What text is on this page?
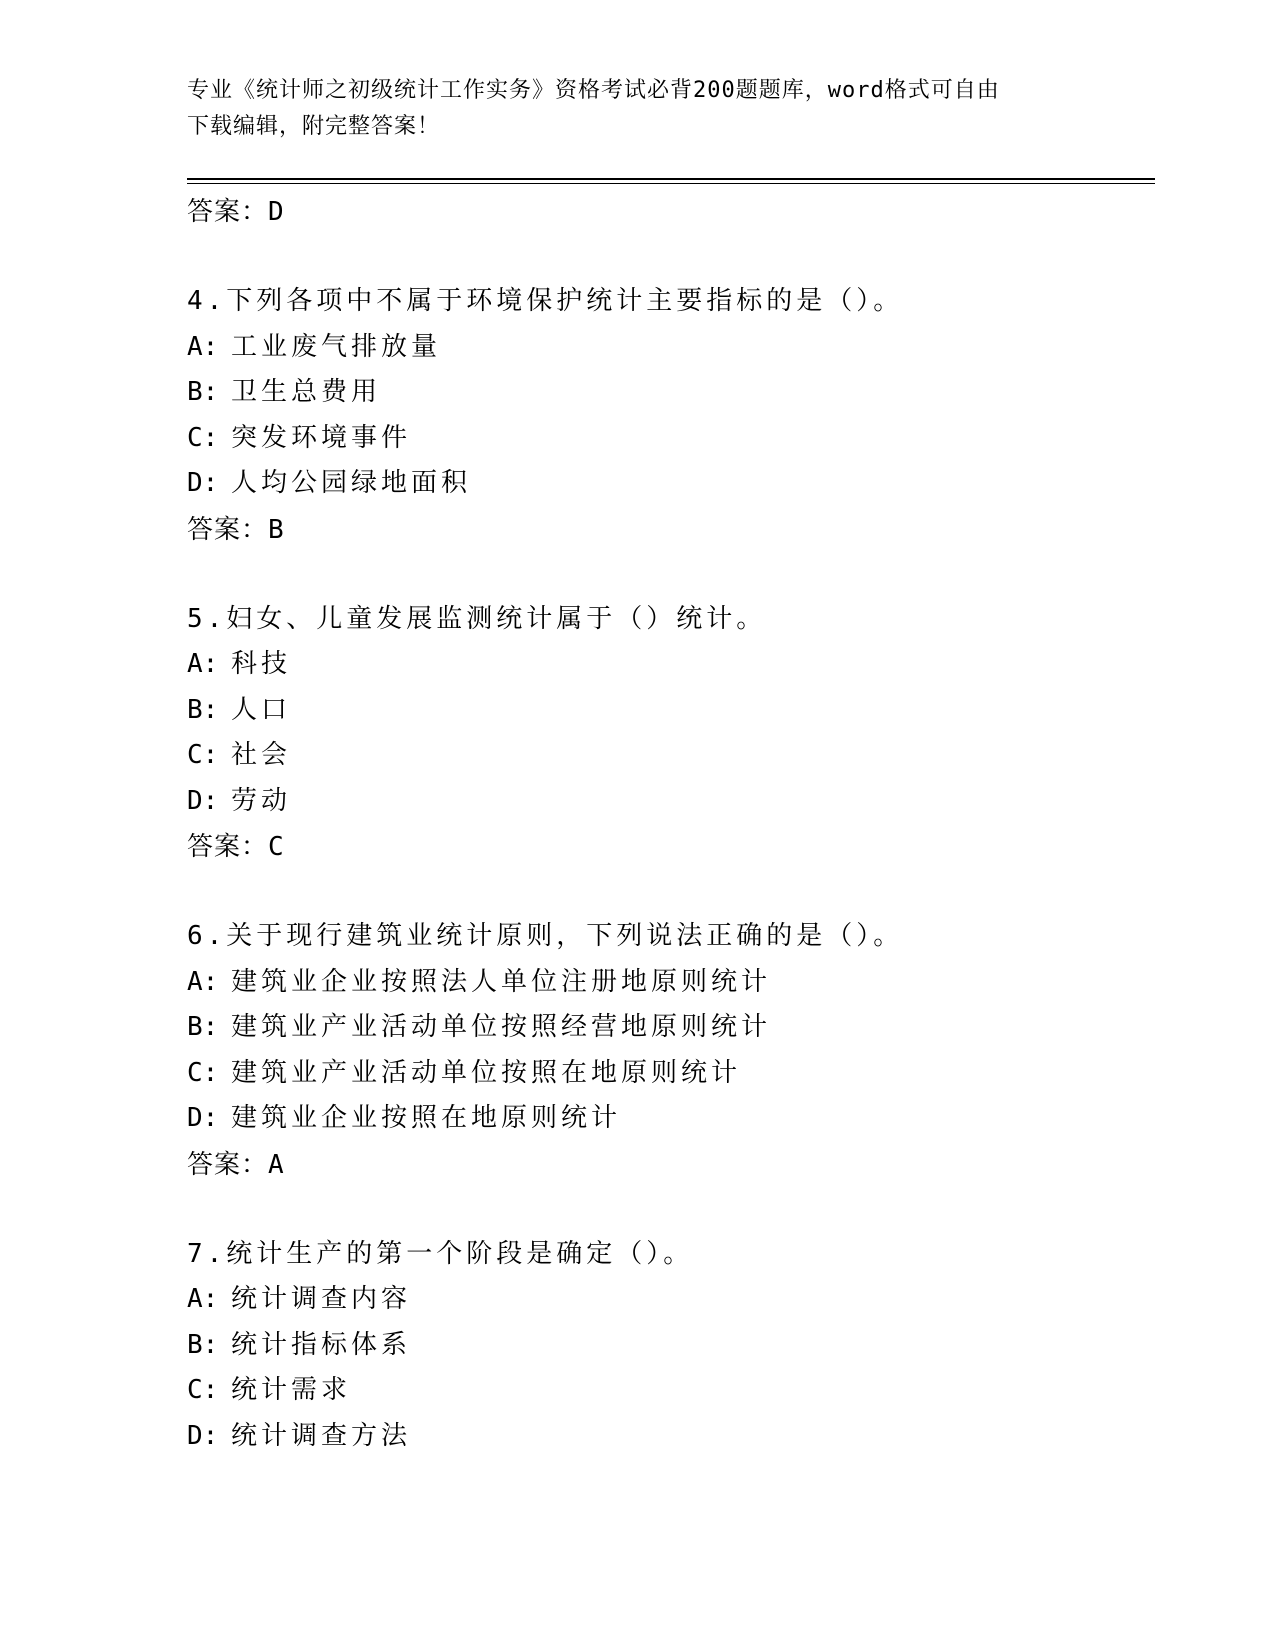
专业《统计师之初级统计工作实务》资格考试必背200题题库，word格式可自由
下载编辑，附完整答案！
答案：D
4.下列各项中不属于环境保护统计主要指标的是（）。
A: 工业废气排放量
B: 卫生总费用
C: 突发环境事件
D: 人均公园绿地面积
答案：B
5.妇女、儿童发展监测统计属于（）统计。
A: 科技
B: 人口
C: 社会
D: 劳动
答案：C
6.关于现行建筑业统计原则，下列说法正确的是（）。
A: 建筑业企业按照法人单位注册地原则统计
B: 建筑业产业活动单位按照经营地原则统计
C: 建筑业产业活动单位按照在地原则统计
D: 建筑业企业按照在地原则统计
答案：A
7.统计生产的第一个阶段是确定（）。
A: 统计调查内容
B: 统计指标体系
C: 统计需求
D: 统计调查方法
